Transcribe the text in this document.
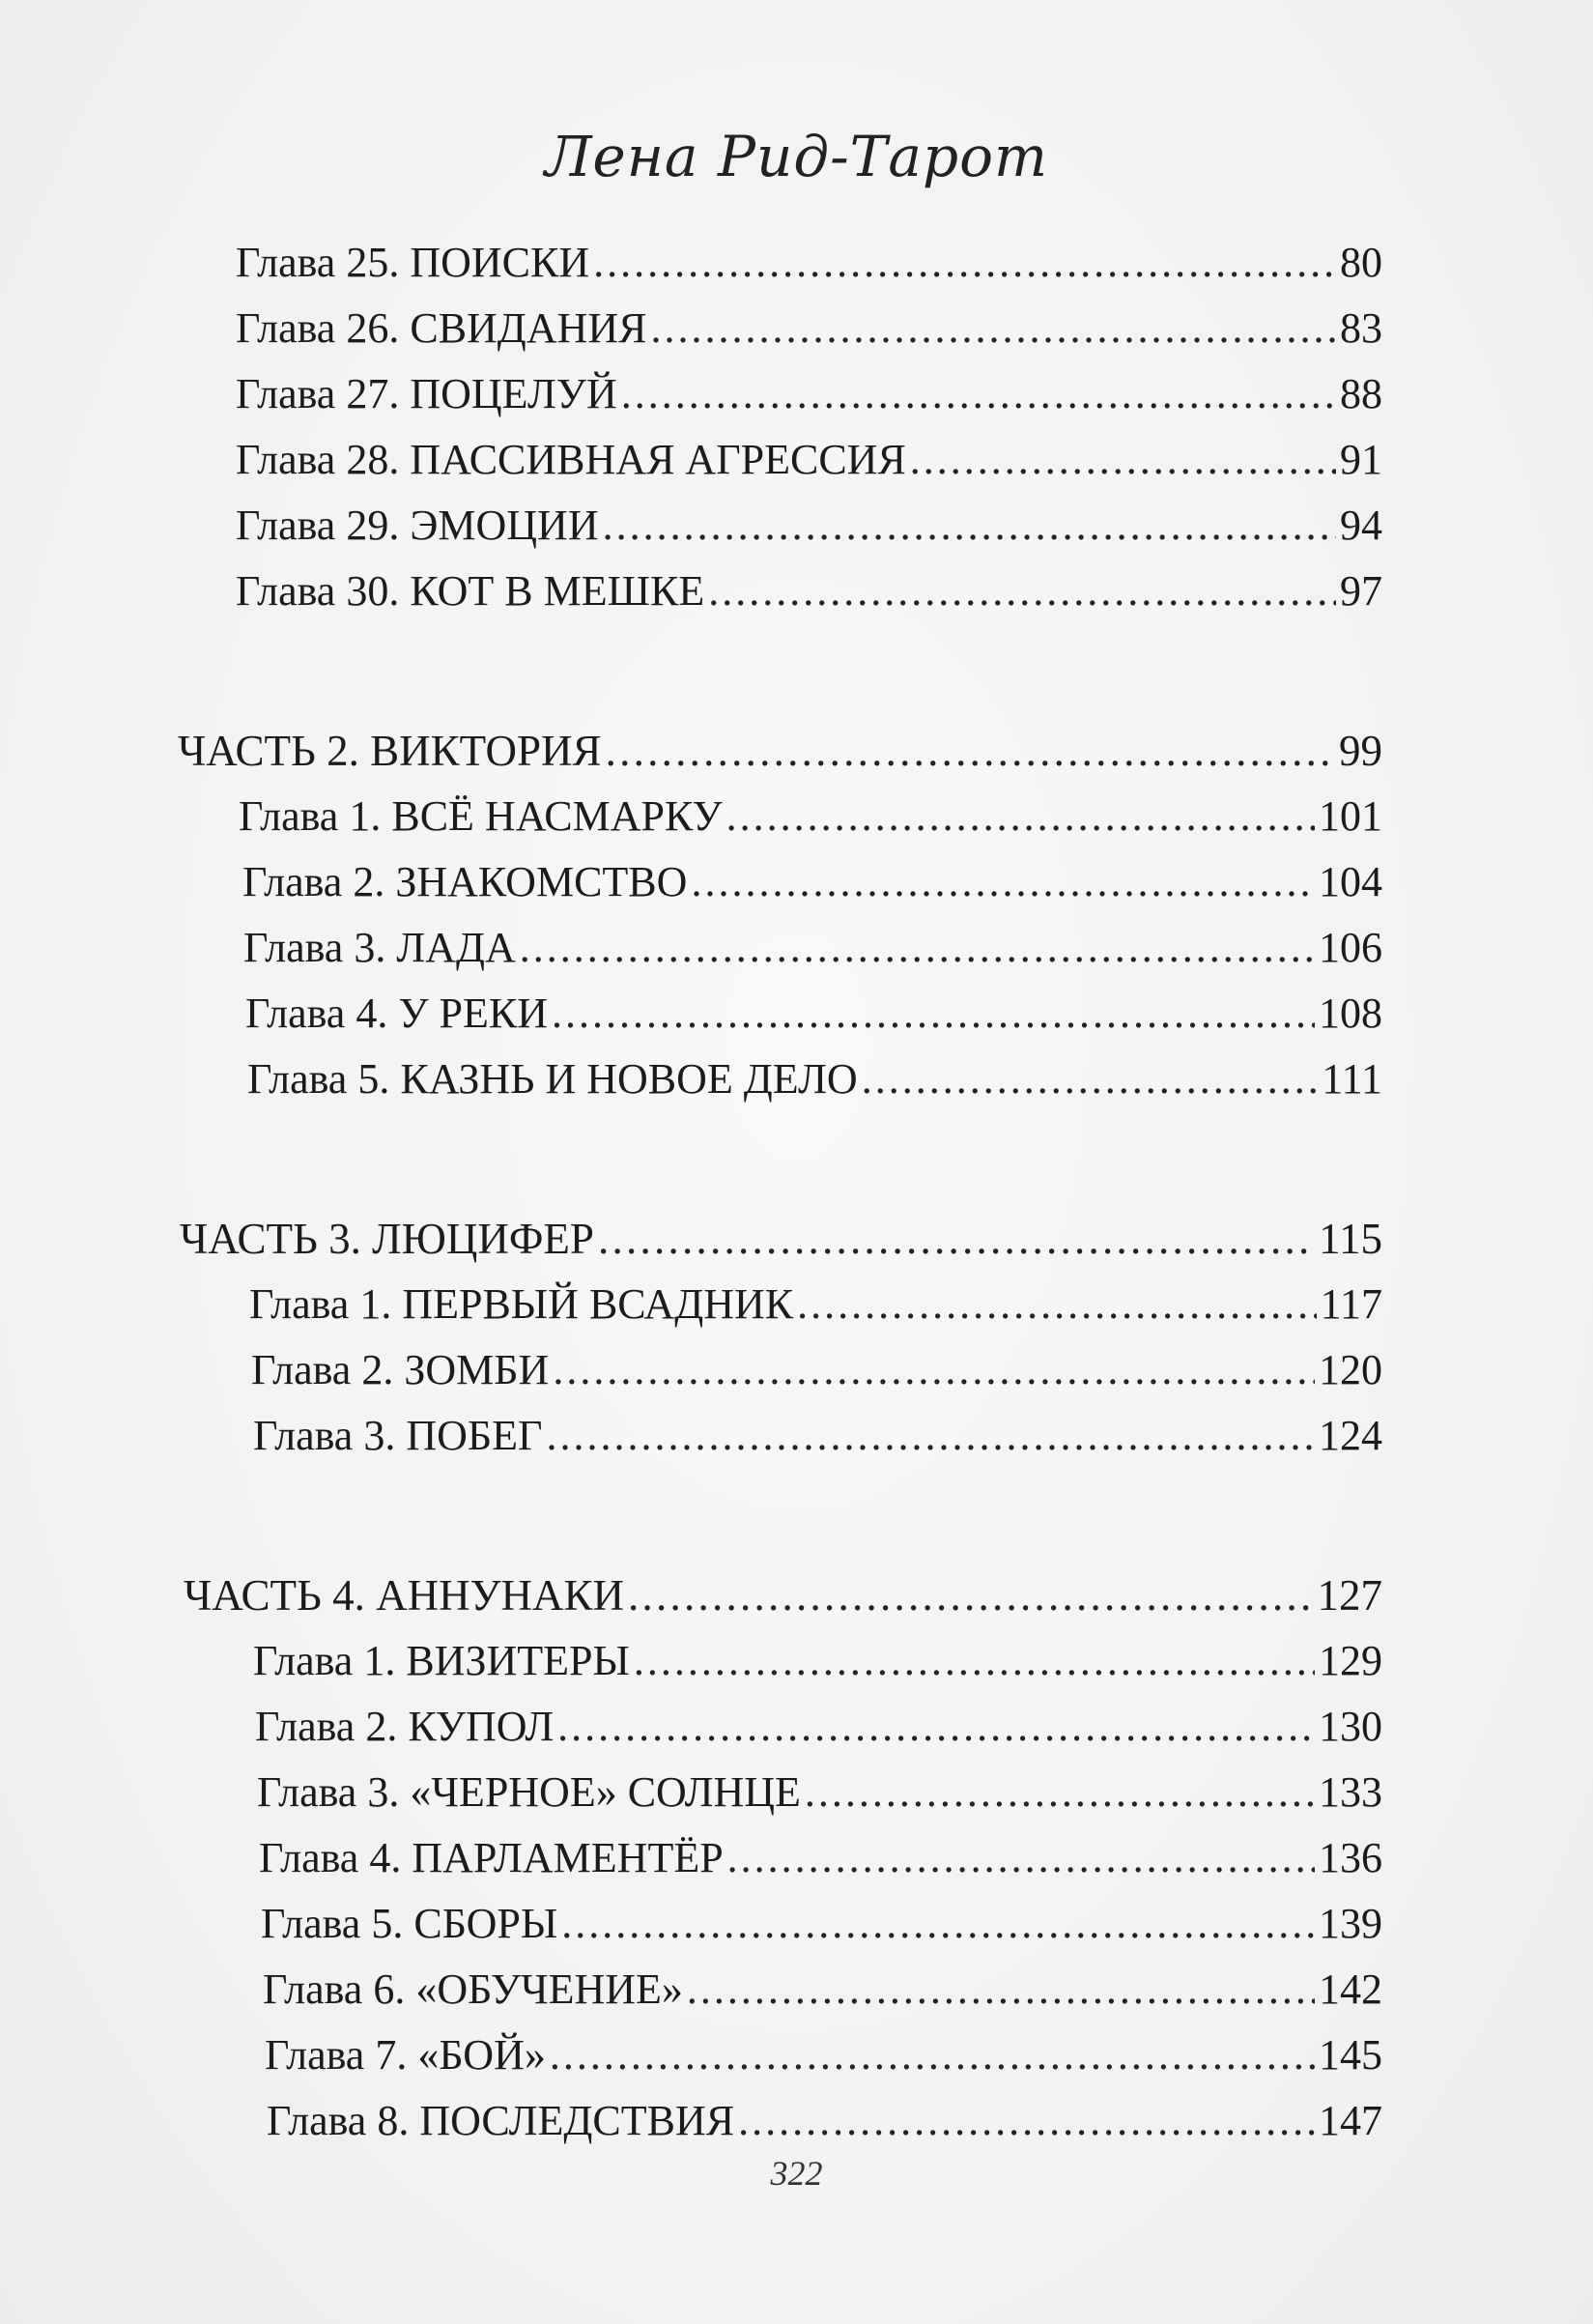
Лена Рид-Тарот
Глава 25. ПОИСКИ . . .	80
Глава 26. СВИДАНИЯ . . .	83
Глава 27. ПОЦЕЛУЙ . . .	88
Глава 28. ПАССИВНАЯ АГРЕССИЯ . . .	91
Глава 29. ЭМОЦИИ . . .	94
Глава 30. КОТ В МЕШКЕ . . .	97
ЧАСТЬ 2. ВИКТОРИЯ . . .	99
Глава 1. ВСЁ НАСМАРКУ . . .	101
Глава 2. ЗНАКОМСТВО . . .	104
Глава 3. ЛАДА . . .	106
Глава 4. У РЕКИ . . .	108
Глава 5. КАЗНЬ И НОВОЕ ДЕЛО . . .	111
ЧАСТЬ 3. ЛЮЦИФЕР . . .	115
Глава 1. ПЕРВЫЙ ВСАДНИК . . .	117
Глава 2. ЗОМБИ . . .	120
Глава 3. ПОБЕГ . . .	124
ЧАСТЬ 4. АННУНАКИ . . .	127
Глава 1. ВИЗИТЕРЫ . . .	129
Глава 2. КУПОЛ . . .	130
Глава 3. «ЧЕРНОЕ» СОЛНЦЕ . . .	133
Глава 4. ПАРЛАМЕНТЁР . . .	136
Глава 5. СБОРЫ . . .	139
Глава 6. «ОБУЧЕНИЕ» . . .	142
Глава 7. «БОЙ» . . .	145
Глава 8. ПОСЛЕДСТВИЯ . . .	147
322
